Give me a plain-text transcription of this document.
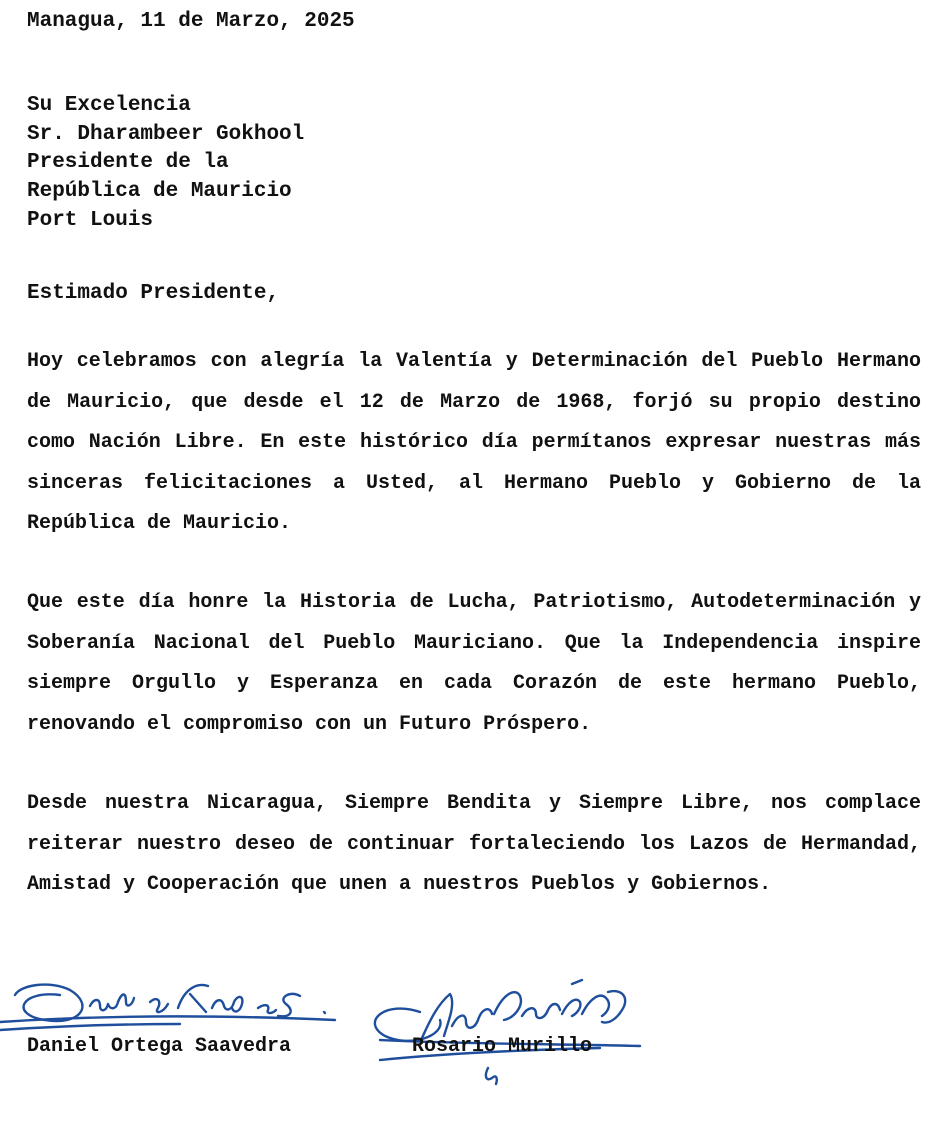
Managua, 11 de Marzo, 2025
Su Excelencia
Sr. Dharambeer Gokhool
Presidente de la
República de Mauricio
Port Louis
Estimado Presidente,
Hoy celebramos con alegría la Valentía y Determinación del Pueblo Hermano de Mauricio, que desde el 12 de Marzo de 1968, forjó su propio destino como Nación Libre. En este histórico día permítanos expresar nuestras más sinceras felicitaciones a Usted, al Hermano Pueblo y Gobierno de la República de Mauricio.
Que este día honre la Historia de Lucha, Patriotismo, Autodeterminación y Soberanía Nacional del Pueblo Mauriciano. Que la Independencia inspire siempre Orgullo y Esperanza en cada Corazón de este hermano Pueblo, renovando el compromiso con un Futuro Próspero.
Desde nuestra Nicaragua, Siempre Bendita y Siempre Libre, nos complace reiterar nuestro deseo de continuar fortaleciendo los Lazos de Hermandad, Amistad y Cooperación que unen a nuestros Pueblos y Gobiernos.
Daniel Ortega Saavedra	Rosario Murillo
